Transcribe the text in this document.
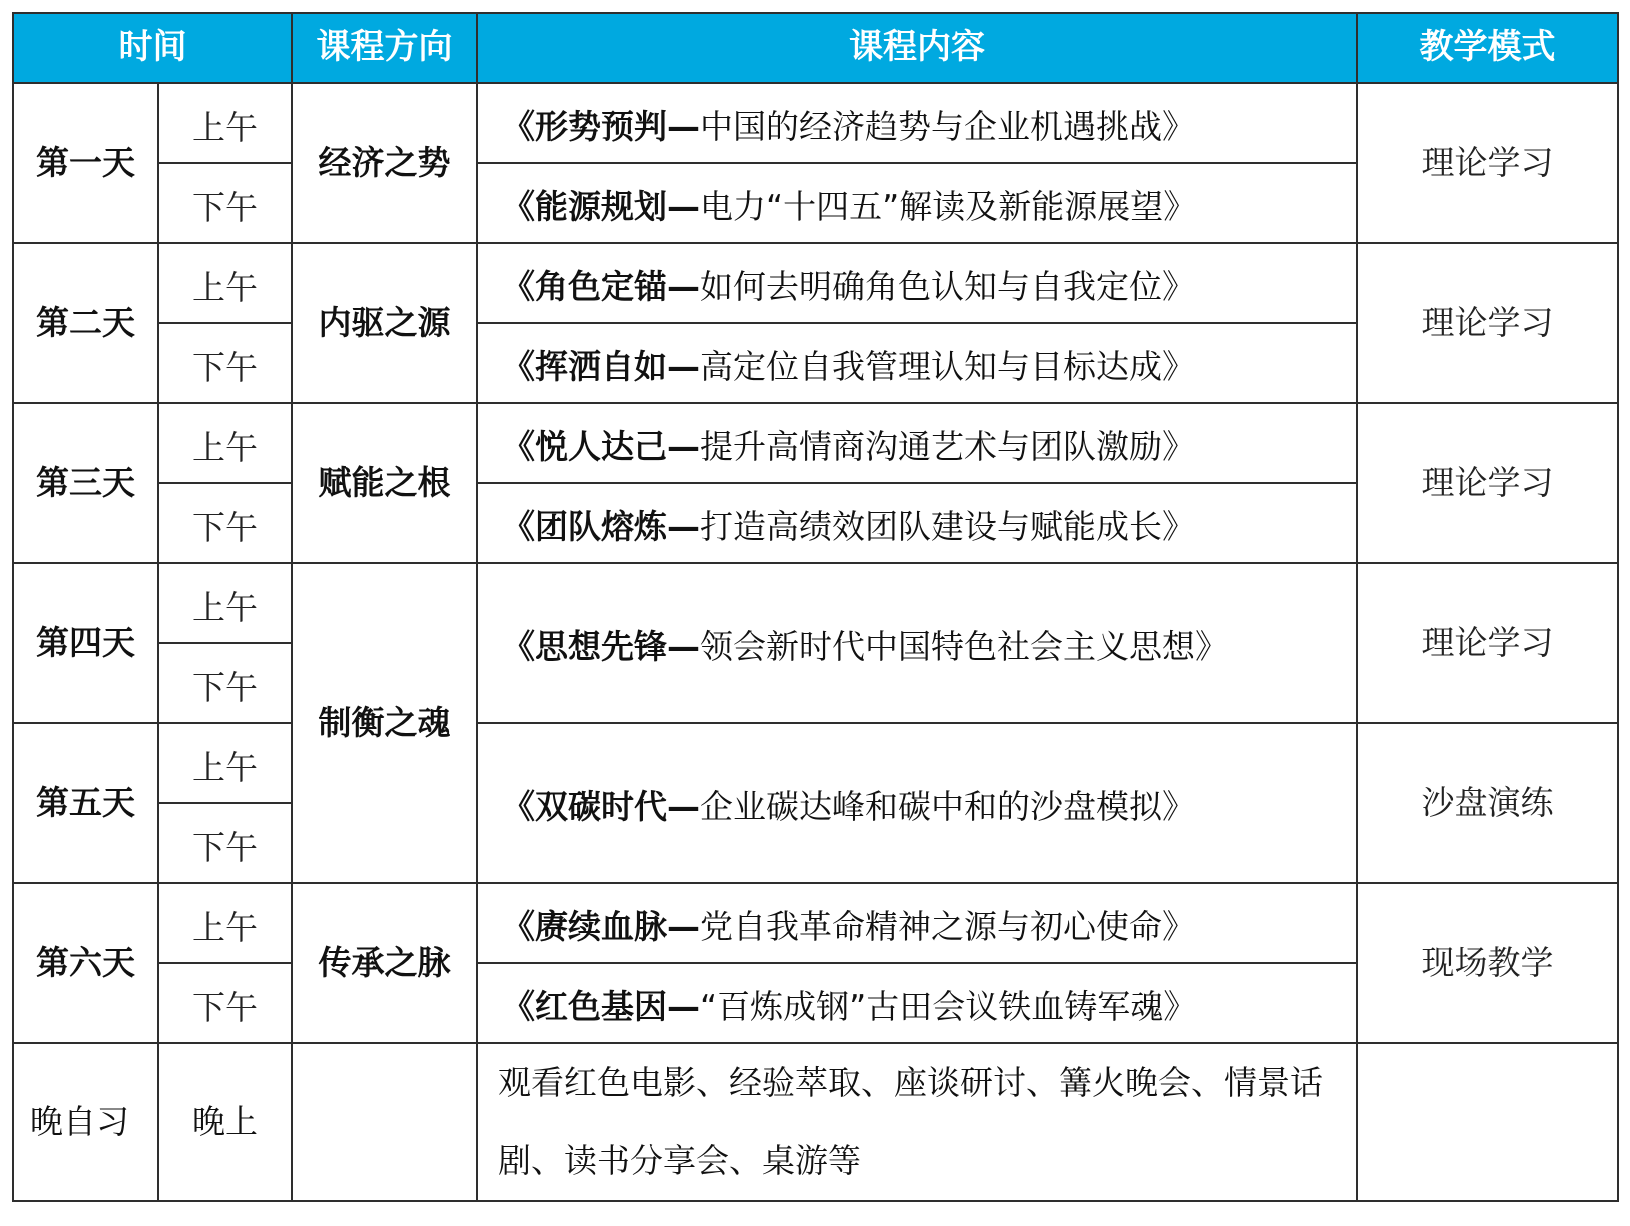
时间		课程方向	课程内容	教学模式
第一天	上午	经济之势	《形势预判—中国的经济趋势与企业机遇挑战》	理论学习
	下午		《能源规划—电力“十四五”解读及新能源展望》	
第二天	上午	内驱之源	《角色定锚—如何去明确角色认知与自我定位》	理论学习
	下午		《挥洒自如—高定位自我管理认知与目标达成》	
第三天	上午	赋能之根	《悦人达己—提升高情商沟通艺术与团队激励》	理论学习
	下午		《团队熔炼—打造高绩效团队建设与赋能成长》	
第四天	上午	制衡之魂	《思想先锋—领会新时代中国特色社会主义思想》	理论学习
	下午			
第五天	上午		《双碳时代—企业碳达峰和碳中和的沙盘模拟》	沙盘演练
	下午			
第六天	上午	传承之脉	《赓续血脉—党自我革命精神之源与初心使命》	现场教学
	下午		《红色基因—“百炼成钢”古田会议铁血铸军魂》	
晚自习	晚上		观看红色电影、经验萃取、座谈研讨、篝火晚会、情景话剧、读书分享会、桌游等	
